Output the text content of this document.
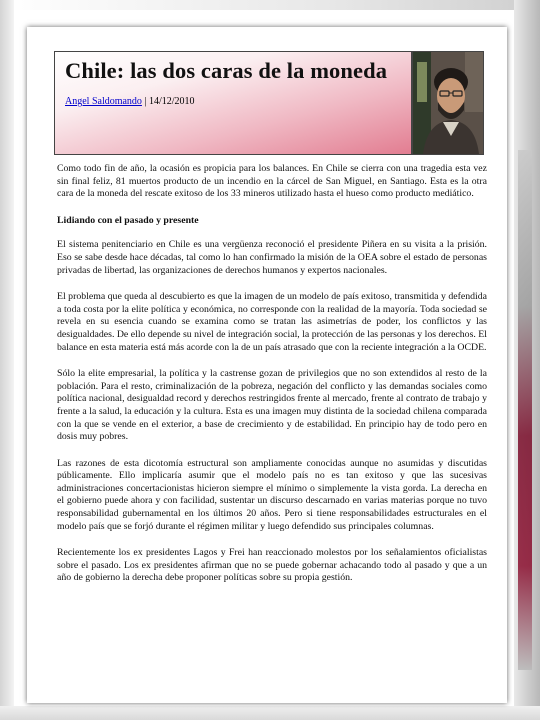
Chile: las dos caras de la moneda
Angel Saldomando | 14/12/2010

Como todo fin de año, la ocasión es propicia para los balances. En Chile se cierra con una tragedia esta vez sin final feliz, 81 muertos producto de un incendio en la cárcel de San Miguel, en Santiago. Esta es la otra cara de la moneda del rescate exitoso de los 33 mineros utilizado hasta el hueso como producto mediático.

Lidiando con el pasado y presente

El sistema penitenciario en Chile es una vergüenza reconoció el presidente Piñera en su visita a la prisión. Eso se sabe desde hace décadas, tal como lo han confirmado la misión de la OEA sobre el estado de personas privadas de libertad, las organizaciones de derechos humanos y expertos nacionales.

El problema que queda al descubierto es que la imagen de un modelo de país exitoso, transmitida y defendida a toda costa por la elite política y económica, no corresponde con la realidad de la mayoría. Toda sociedad se revela en su esencia cuando se examina como se tratan las asimetrías de poder, los conflictos y las desigualdades. De ello depende su nivel de integración social, la protección de las personas y los derechos. El balance en esta materia está más acorde con la de un país atrasado que con la reciente integración a la OCDE.

Sólo la elite empresarial, la política y la castrense gozan de privilegios que no son extendidos al resto de la población. Para el resto, criminalización de la pobreza, negación del conflicto y las demandas sociales como política nacional, desigualdad record y derechos restringidos frente al mercado, frente al contrato de trabajo y frente a la salud, la educación y la cultura. Esta es una imagen muy distinta de la sociedad chilena comparada con la que se vende en el exterior, a base de crecimiento y de estabilidad. En principio hay de todo pero en dosis muy pobres.

Las razones de esta dicotomía estructural son ampliamente conocidas aunque no asumidas y discutidas públicamente. Ello implicaría asumir que el modelo país no es tan exitoso y que las sucesivas administraciones concertacionistas hicieron siempre el mínimo o simplemente la vista gorda. La derecha en el gobierno puede ahora y con facilidad, sustentar un discurso descarnado en varias materias porque no tuvo responsabilidad gubernamental en los últimos 20 años. Pero si tiene responsabilidades estructurales en el modelo país que se forjó durante el régimen militar y luego defendido sus principales columnas.

Recientemente los ex presidentes Lagos y Frei han reaccionado molestos por los señalamientos oficialistas sobre el pasado. Los ex presidentes afirman que no se puede gobernar achacando todo al pasado y que a un año de gobierno la derecha debe proponer políticas sobre su propia gestión.
